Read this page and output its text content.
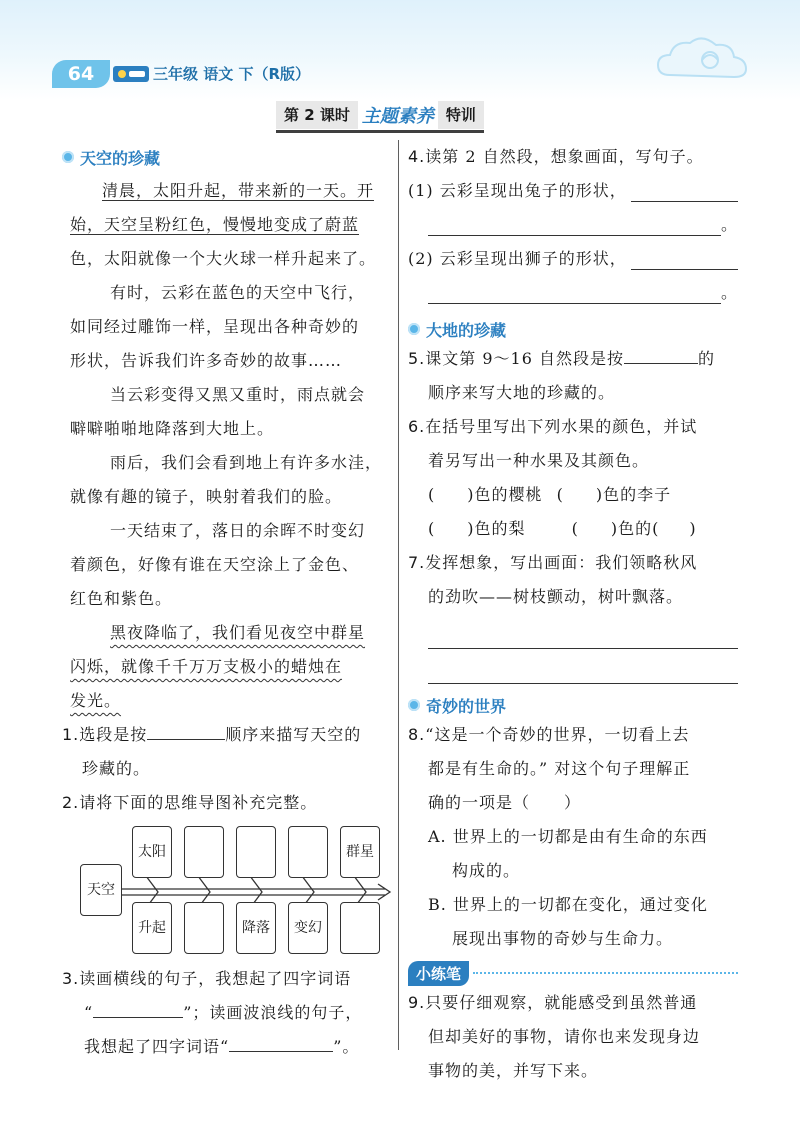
64	三年级 语文 下（R版）
第 2 课时 主题素养 特训
天空的珍藏
清晨，太阳升起，带来新的一天。开
始，天空呈粉红色，慢慢地变成了蔚蓝
色，太阳就像一个大火球一样升起来了。
有时，云彩在蓝色的天空中飞行，
如同经过雕饰一样，呈现出各种奇妙的
形状，告诉我们许多奇妙的故事……
当云彩变得又黑又重时，雨点就会
噼噼啪啪地降落到大地上。
雨后，我们会看到地上有许多水洼，
就像有趣的镜子，映射着我们的脸。
一天结束了，落日的余晖不时变幻
着颜色，好像有谁在天空涂上了金色、
红色和紫色。
黑夜降临了，我们看见夜空中群星
闪烁，就像千千万万支极小的蜡烛在
发光。
1.选段是按	顺序来描写天空的
珍藏的。
2.请将下面的思维导图补充完整。
天空
太阳	群星
升起	降落	变幻
3.读画横线的句子，我想起了四字词语
“	”；读画波浪线的句子，
我想起了四字词语“	”。
4.读第 2 自然段，想象画面，写句子。
(1) 云彩呈现出兔子的形状，
。
(2) 云彩呈现出狮子的形状，
。
大地的珍藏
5.课文第 9～16 自然段是按	的
顺序来写大地的珍藏的。
6.在括号里写出下列水果的颜色，并试
着另写出一种水果及其颜色。
( )色的樱桃 ( )色的李子
( )色的梨	( )色的( )
7.发挥想象，写出画面：我们领略秋风
的劲吹——树枝颤动，树叶飘落。
奇妙的世界
8.“这是一个奇妙的世界，一切看上去
都是有生命的。” 对这个句子理解正
确的一项是（　　）
A. 世界上的一切都是由有生命的东西
构成的。
B. 世界上的一切都在变化，通过变化
展现出事物的奇妙与生命力。
小练笔
9.只要仔细观察，就能感受到虽然普通
但却美好的事物，请你也来发现身边
事物的美，并写下来。
